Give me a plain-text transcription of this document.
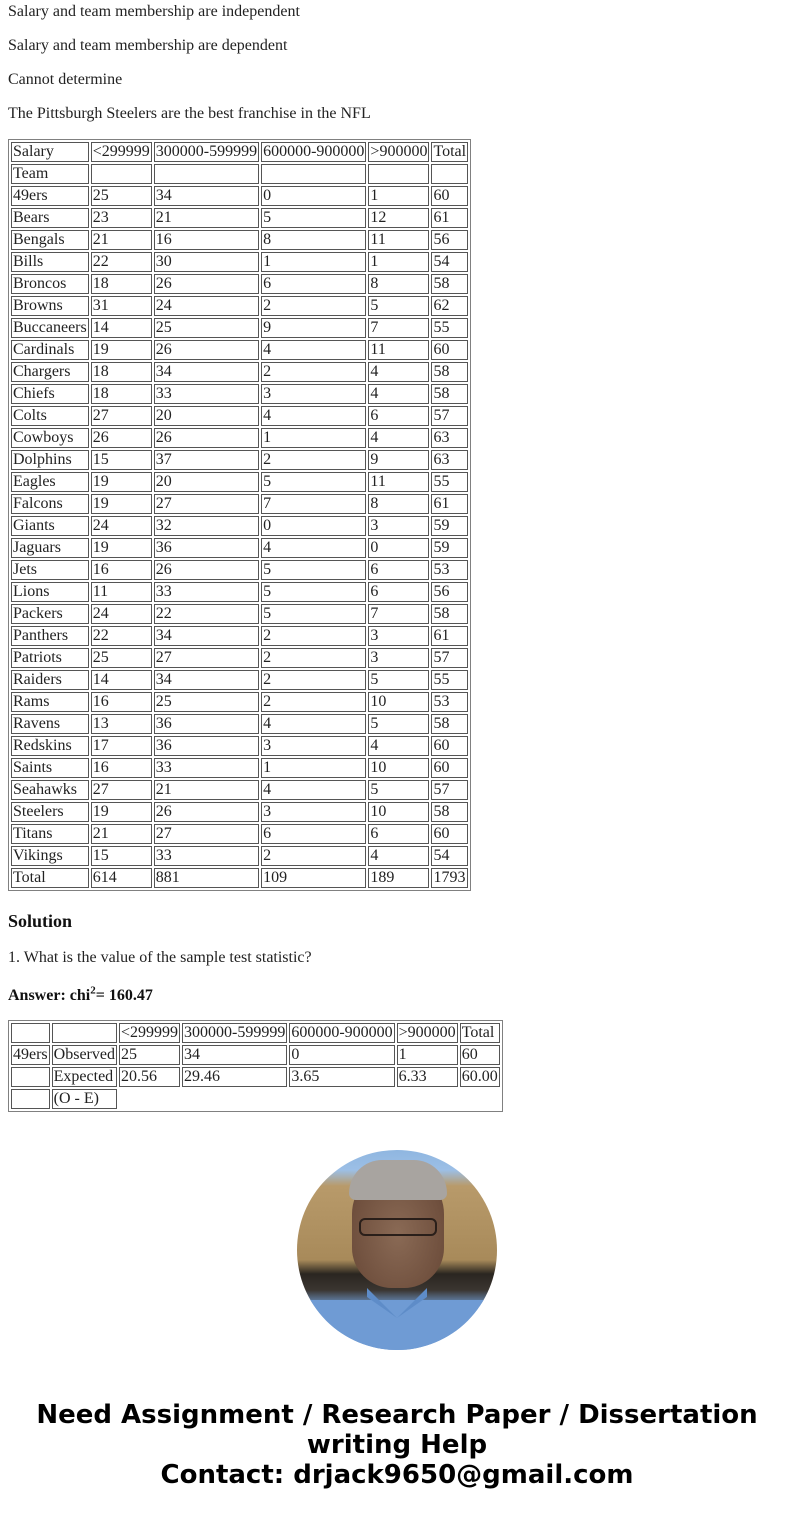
Salary and team membership are independent

Salary and team membership are dependent

Cannot determine

The Pittsburgh Steelers are the best franchise in the NFL

Salary	<299999	300000-599999	600000-900000	>900000	Total
Team					
49ers	25	34	0	1	60
Bears	23	21	5	12	61
Bengals	21	16	8	11	56
Bills	22	30	1	1	54
Broncos	18	26	6	8	58
Browns	31	24	2	5	62
Buccaneers	14	25	9	7	55
Cardinals	19	26	4	11	60
Chargers	18	34	2	4	58
Chiefs	18	33	3	4	58
Colts	27	20	4	6	57
Cowboys	26	26	1	4	63
Dolphins	15	37	2	9	63
Eagles	19	20	5	11	55
Falcons	19	27	7	8	61
Giants	24	32	0	3	59
Jaguars	19	36	4	0	59
Jets	16	26	5	6	53
Lions	11	33	5	6	56
Packers	24	22	5	7	58
Panthers	22	34	2	3	61
Patriots	25	27	2	3	57
Raiders	14	34	2	5	55
Rams	16	25	2	10	53
Ravens	13	36	4	5	58
Redskins	17	36	3	4	60
Saints	16	33	1	10	60
Seahawks	27	21	4	5	57
Steelers	19	26	3	10	58
Titans	21	27	6	6	60
Vikings	15	33	2	4	54
Total	614	881	109	189	1793
Solution

1. What is the value of the sample test statistic?

Answer: chi$^2$= 160.47

		<299999	300000-599999	600000-900000	>900000	Total
49ers	Observed	25	34	0	1	60
	Expected	20.56	29.46	3.65	6.33	60.00
	(O - E)					
Need Assignment / Research Paper / Dissertation
writing Help
Contact: drjack9650@gmail.com
